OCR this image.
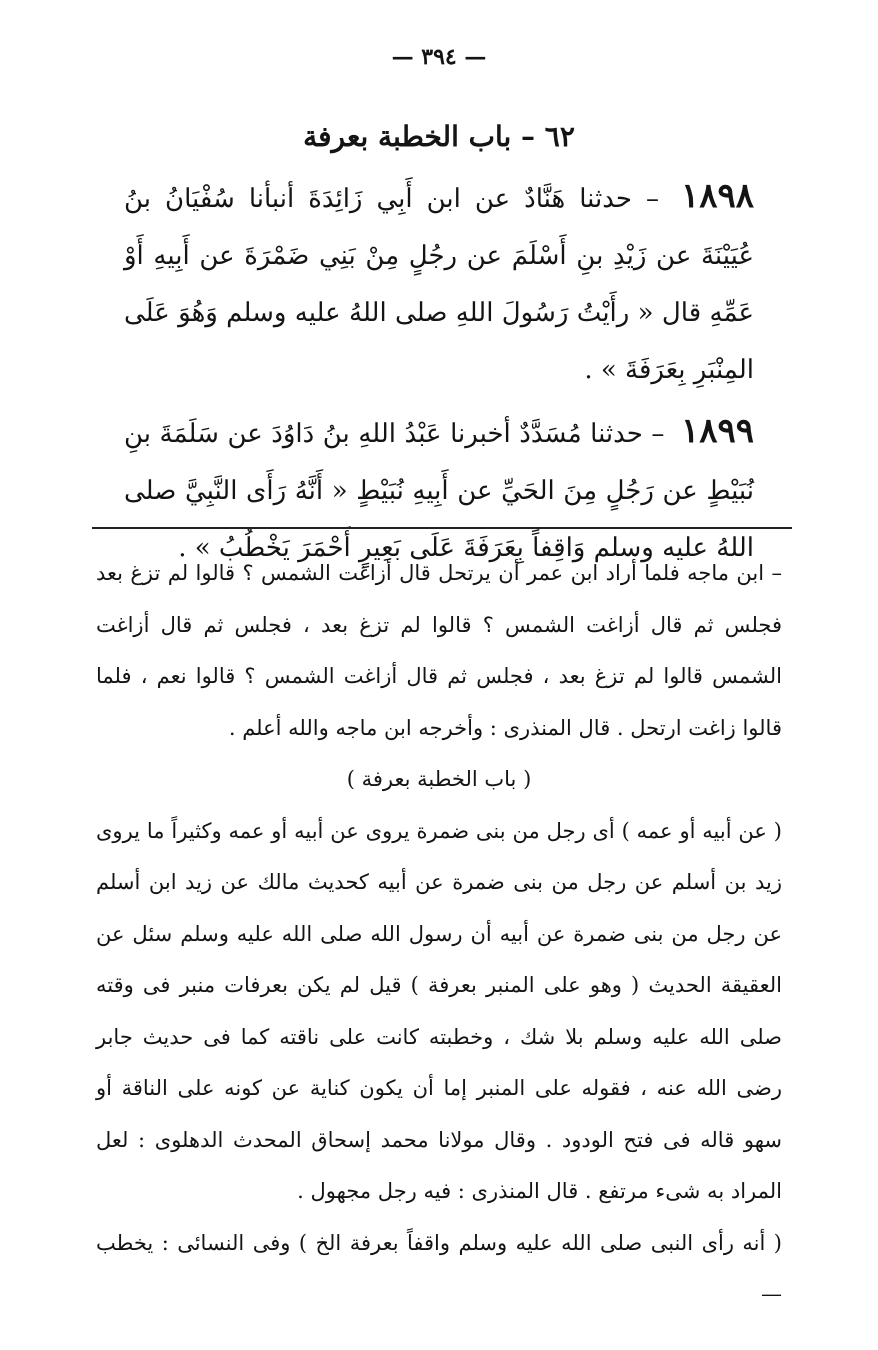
— ٣٩٤ —
٦٢ – باب الخطبة بعرفة

١٨٩٨ – حدثنا هَنَّادٌ عن ابن أَبِي زَائِدَةَ أنبأنا سُفْيَانُ بنُ عُيَيْنَةَ عن زَيْدِ بنِ أَسْلَمَ عن رجُلٍ مِنْ بَنِي ضَمْرَةَ عن أَبِيهِ أَوْ عَمِّهِ قال « رأَيْتُ رَسُولَ اللهِ صلى اللهُ عليه وسلم وَهُوَ عَلَى المِنْبَرِ بِعَرَفَةَ » .

١٨٩٩ – حدثنا مُسَدَّدٌ أخبرنا عَبْدُ اللهِ بنُ دَاوُدَ عن سَلَمَةَ بنِ نُبَيْطٍ عن رَجُلٍ مِنَ الحَيِّ عن أَبِيهِ نُبَيْطٍ « أَنَّهُ رَأَى النَّبِيَّ صلى اللهُ عليه وسلم وَاقِفاً بِعَرَفَةَ عَلَى بَعِيرٍ أَحْمَرَ يَخْطُبُ » .

– ابن ماجه فلما أراد ابن عمر أن يرتحل قال أزاغت الشمس ؟ قالوا لم تزغ بعد فجلس ثم قال أزاغت الشمس ؟ قالوا لم تزغ بعد ، فجلس ثم قال أزاغت الشمس قالوا لم تزغ بعد ، فجلس ثم قال أزاغت الشمس ؟ قالوا نعم ، فلما قالوا زاغت ارتحل . قال المنذرى : وأخرجه ابن ماجه والله أعلم .

( باب الخطبة بعرفة )

( عن أبيه أو عمه ) أى رجل من بنى ضمرة يروى عن أبيه أو عمه وكثيراً ما يروى زيد بن أسلم عن رجل من بنى ضمرة عن أبيه كحديث مالك عن زيد ابن أسلم عن رجل من بنى ضمرة عن أبيه أن رسول الله صلى الله عليه وسلم سئل عن العقيقة الحديث ( وهو على المنبر بعرفة ) قيل لم يكن بعرفات منبر فى وقته صلى الله عليه وسلم بلا شك ، وخطبته كانت على ناقته كما فى حديث جابر رضى الله عنه ، فقوله على المنبر إما أن يكون كناية عن كونه على الناقة أو سهو قاله فى فتح الودود . وقال مولانا محمد إسحاق المحدث الدهلوى : لعل المراد به شىء مرتفع . قال المنذرى : فيه رجل مجهول .

( أنه رأى النبى صلى الله عليه وسلم واقفاً بعرفة الخ ) وفى النسائى : يخطب —
